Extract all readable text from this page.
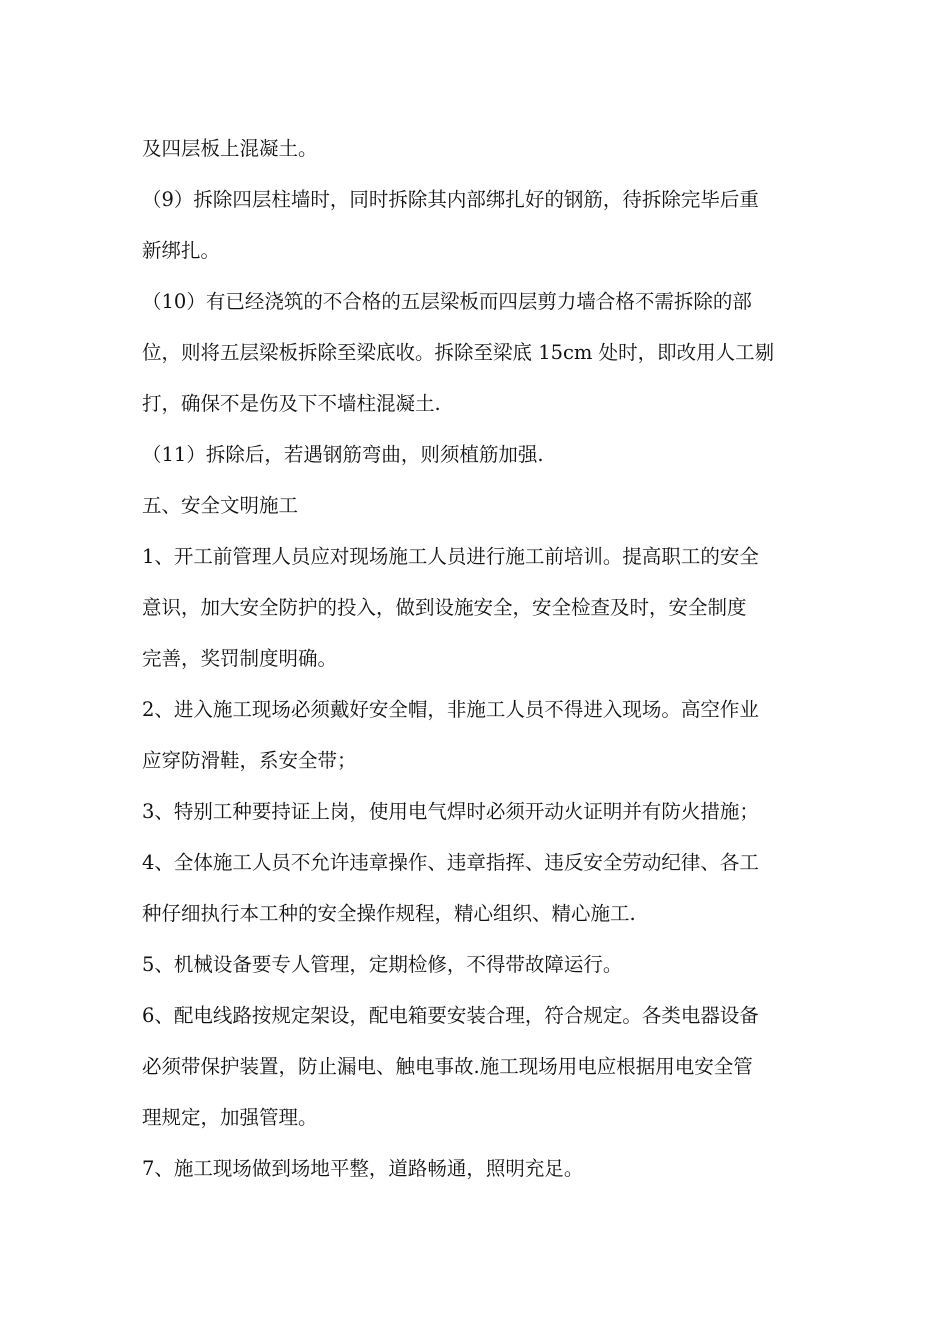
及四层板上混凝土。

（9）拆除四层柱墙时，同时拆除其内部绑扎好的钢筋，待拆除完毕后重
新绑扎。

（10）有已经浇筑的不合格的五层梁板而四层剪力墙合格不需拆除的部
位，则将五层梁板拆除至梁底收。拆除至梁底 15cm 处时，即改用人工剔
打，确保不是伤及下不墙柱混凝土.

（11）拆除后，若遇钢筋弯曲，则须植筋加强.

五、安全文明施工

1、开工前管理人员应对现场施工人员进行施工前培训。提高职工的安全
意识，加大安全防护的投入，做到设施安全，安全检查及时，安全制度
完善，奖罚制度明确。

2、进入施工现场必须戴好安全帽，非施工人员不得进入现场。高空作业
应穿防滑鞋，系安全带；

3、特别工种要持证上岗，使用电气焊时必须开动火证明并有防火措施；

4、全体施工人员不允许违章操作、违章指挥、违反安全劳动纪律、各工
种仔细执行本工种的安全操作规程，精心组织、精心施工.

5、机械设备要专人管理，定期检修，不得带故障运行。

6、配电线路按规定架设，配电箱要安装合理，符合规定。各类电器设备
必须带保护装置，防止漏电、触电事故.施工现场用电应根据用电安全管
理规定，加强管理。

7、施工现场做到场地平整，道路畅通，照明充足。
